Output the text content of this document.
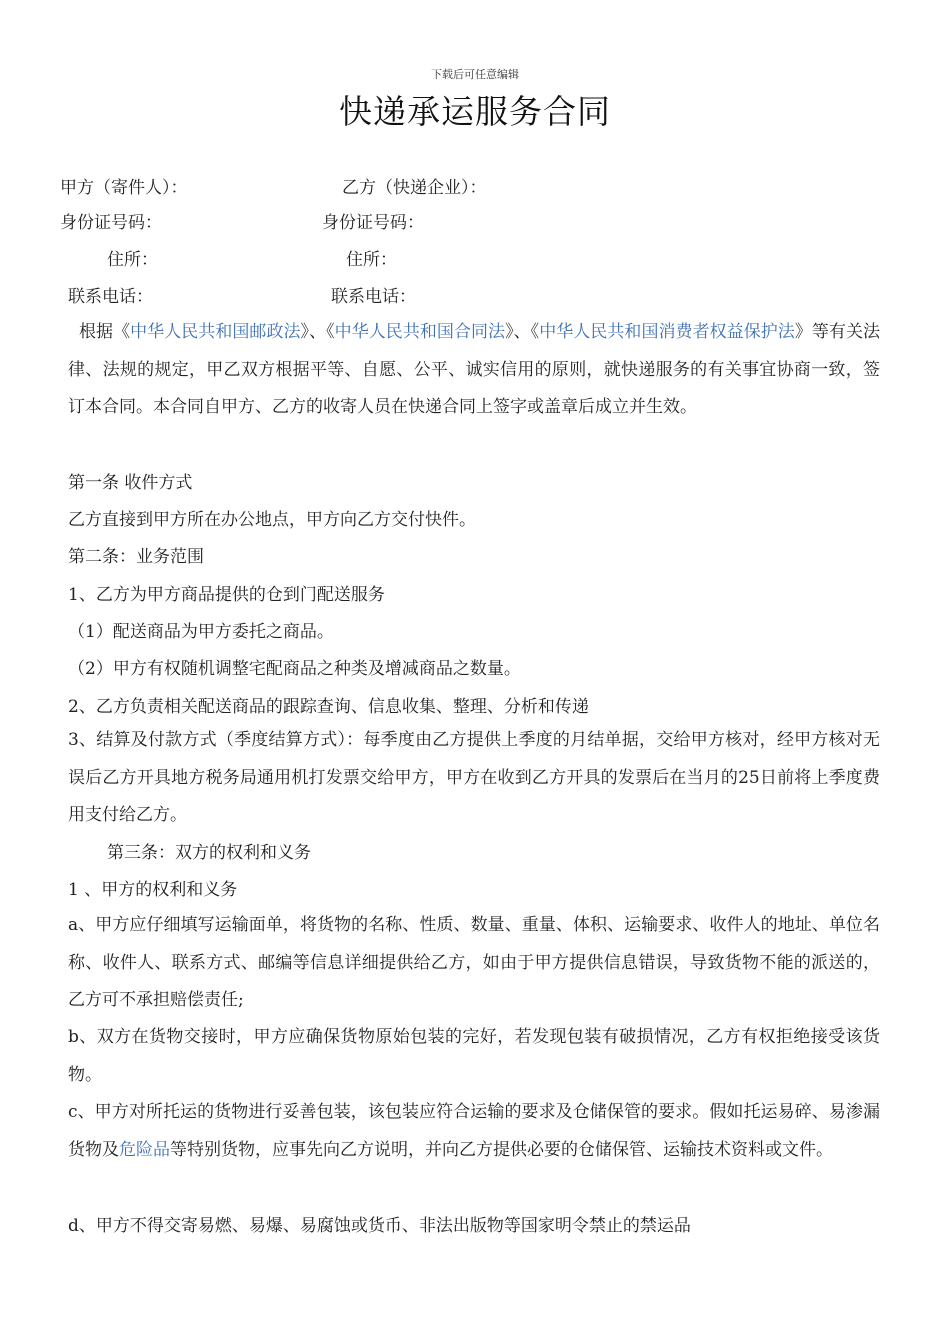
下载后可任意编辑
快递承运服务合同
甲方（寄件人）：	乙方（快递企业）：
身份证号码：	身份证号码：
住所：	住所：
联系电话：	联系电话：
根据《中华人民共和国邮政法》、《中华人民共和国合同法》、《中华人民共和国消费者权益保护法》等有关法律、法规的规定，甲乙双方根据平等、自愿、公平、诚实信用的原则，就快递服务的有关事宜协商一致，签订本合同。本合同自甲方、乙方的收寄人员在快递合同上签字或盖章后成立并生效。
第一条 收件方式
乙方直接到甲方所在办公地点，甲方向乙方交付快件。
第二条：业务范围
1、乙方为甲方商品提供的仓到门配送服务
（1）配送商品为甲方委托之商品。
（2）甲方有权随机调整宅配商品之种类及增减商品之数量。
2、乙方负责相关配送商品的跟踪查询、信息收集、整理、分析和传递
3、结算及付款方式（季度结算方式）：每季度由乙方提供上季度的月结单据，交给甲方核对，经甲方核对无误后乙方开具地方税务局通用机打发票交给甲方，甲方在收到乙方开具的发票后在当月的25日前将上季度费用支付给乙方。
第三条：双方的权利和义务
1 、甲方的权利和义务
a、甲方应仔细填写运输面单，将货物的名称、性质、数量、重量、体积、运输要求、收件人的地址、单位名称、收件人、联系方式、邮编等信息详细提供给乙方，如由于甲方提供信息错误，导致货物不能的派送的，乙方可不承担赔偿责任;
b、双方在货物交接时，甲方应确保货物原始包装的完好，若发现包装有破损情况，乙方有权拒绝接受该货物。
c、甲方对所托运的货物进行妥善包装，该包装应符合运输的要求及仓储保管的要求。假如托运易碎、易渗漏货物及危险品等特别货物，应事先向乙方说明，并向乙方提供必要的仓储保管、运输技术资料或文件。
d、甲方不得交寄易燃、易爆、易腐蚀或货币、非法出版物等国家明令禁止的禁运品
